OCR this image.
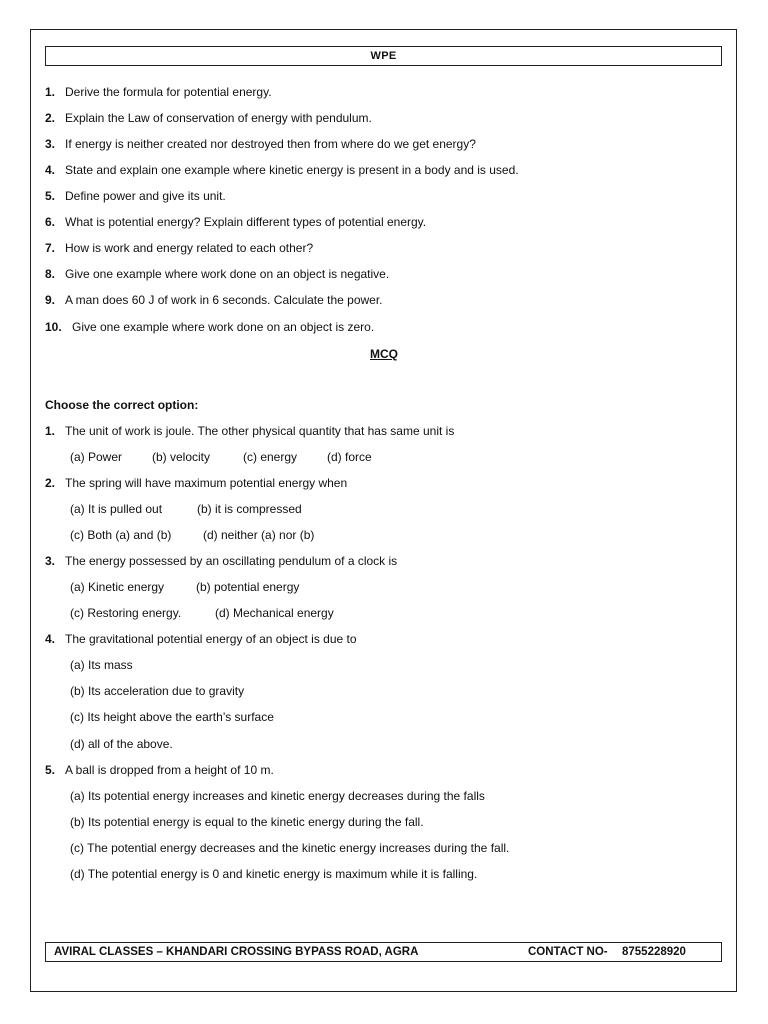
WPE
1. Derive the formula for potential energy.
2. Explain the Law of conservation of energy with pendulum.
3. If energy is neither created nor destroyed then from where do we get energy?
4. State and explain one example where kinetic energy is present in a body and is used.
5. Define power and give its unit.
6. What is potential energy? Explain different types of potential energy.
7. How is work and energy related to each other?
8. Give one example where work done on an object is negative.
9. A man does 60 J of work in 6 seconds. Calculate the power.
10. Give one example where work done on an object is zero.
MCQ
Choose the correct option:
1. The unit of work is joule. The other physical quantity that has same unit is
(a) Power (b) velocity	(c) energy (d) force
2. The spring will have maximum potential energy when
(a) It is pulled out	(b) it is compressed
(c) Both (a) and (b)	(d) neither (a) nor (b)
3. The energy possessed by an oscillating pendulum of a clock is
(a) Kinetic energy	(b) potential energy
(c) Restoring energy.	(d) Mechanical energy
4. The gravitational potential energy of an object is due to
(a) Its mass
(b) Its acceleration due to gravity
(c) Its height above the earth’s surface
(d) all of the above.
5. A ball is dropped from a height of 10 m.
(a) Its potential energy increases and kinetic energy decreases during the falls
(b) Its potential energy is equal to the kinetic energy during the fall.
(c) The potential energy decreases and the kinetic energy increases during the fall.
(d) The potential energy is 0 and kinetic energy is maximum while it is falling.
AVIRAL CLASSES – KHANDARI CROSSING BYPASS ROAD, AGRA	CONTACT NO- 8755228920
